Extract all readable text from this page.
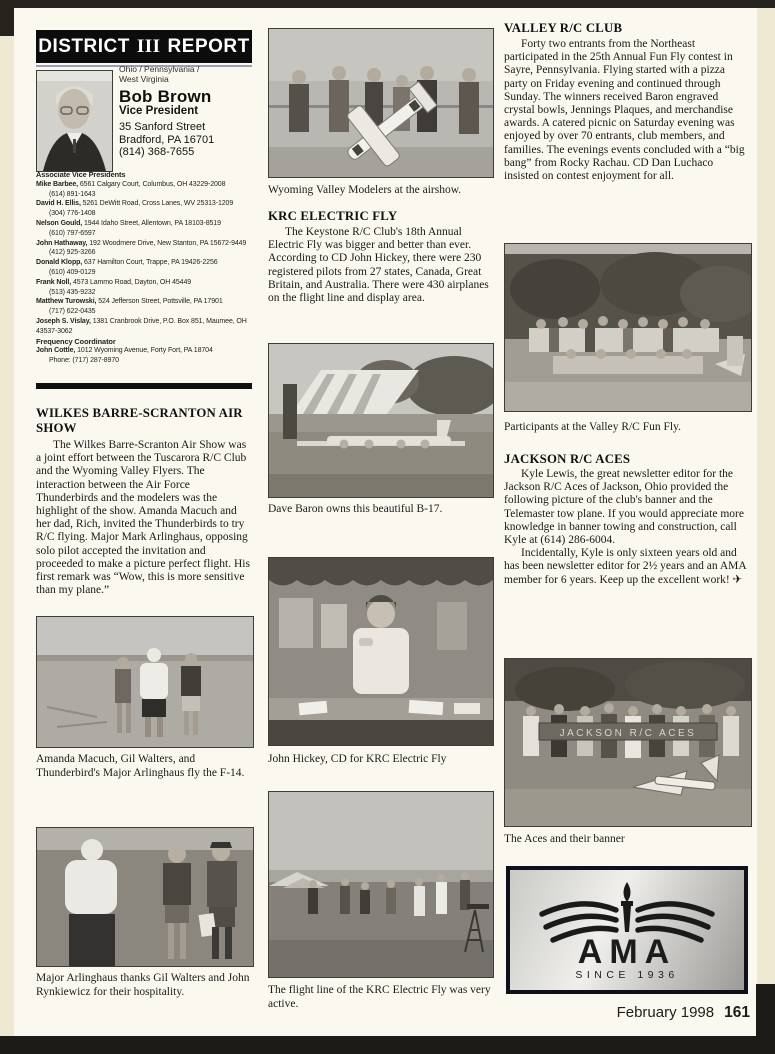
DISTRICT III REPORT
Ohio / Pennsylvania / West Virginia
Bob Brown
Vice President
35 Sanford Street
Bradford, PA 16701
(814) 368-7655
Associate Vice Presidents
Mike Barbee, 6561 Calgary Court, Columbus, OH 43229-2008
(614) 891-1643
David H. Ellis, 5261 DeWitt Road, Cross Lanes, WV 25313-1209
(304) 776-1408
Nelson Gould, 1944 Idaho Street, Allentown, PA 18103-8519
(610) 797-6597
John Hathaway, 192 Woodmere Drive, New Stanton, PA 15672-9449
(412) 925-3266
Donald Klopp, 637 Hamilton Court, Trappe, PA 19426-2256
(610) 409-0129
Frank Noll, 4573 Lammo Road, Dayton, OH 45449
(513) 435-9232
Matthew Turowski, 524 Jefferson Street, Pottsville, PA 17901
(717) 622-0435
Joseph S. Vislay, 1381 Cranbrook Drive, P.O. Box 851, Maumee, OH 43537-3062
Frequency Coordinator
John Cottle, 1012 Wyoming Avenue, Forty Fort, PA 18704
Phone: (717) 287-8970
WILKES BARRE-SCRANTON AIR SHOW

The Wilkes Barre-Scranton Air Show was a joint effort between the Tuscarora R/C Club and the Wyoming Valley Flyers. The interaction between the Air Force Thunderbirds and the modelers was the highlight of the show. Amanda Macuch and her dad, Rich, invited the Thunderbirds to try R/C flying. Major Mark Arlinghaus, opposing solo pilot accepted the invitation and proceeded to make a picture perfect flight. His first remark was “Wow, this is more sensitive than my plane.”

Amanda Macuch, Gil Walters, and Thunderbird's Major Arlinghaus fly the F-14.
Major Arlinghaus thanks Gil Walters and John Rynkiewicz for their hospitality.
Wyoming Valley Modelers at the airshow.
KRC ELECTRIC FLY

The Keystone R/C Club's 18th Annual Electric Fly was bigger and better than ever. According to CD John Hickey, there were 230 registered pilots from 27 states, Canada, Great Britain, and Australia. There were 430 airplanes on the flight line and display area.

Dave Baron owns this beautiful B-17.
John Hickey, CD for KRC Electric Fly
The flight line of the KRC Electric Fly was very active.
VALLEY R/C CLUB

Forty two entrants from the Northeast participated in the 25th Annual Fun Fly contest in Sayre, Pennsylvania. Flying started with a pizza party on Friday evening and continued through Sunday. The winners received Baron engraved crystal bowls, Jennings Plaques, and merchandise awards. A catered picnic on Saturday evening was enjoyed by over 70 entrants, club members, and families. The evenings events concluded with a “big bang” from Rocky Rachau. CD Dan Luchaco insisted on contest enjoyment for all.

Participants at the Valley R/C Fun Fly.
JACKSON R/C ACES

Kyle Lewis, the great newsletter editor for the Jackson R/C Aces of Jackson, Ohio provided the following picture of the club's banner and the Telemaster tow plane. If you would appreciate more knowledge in banner towing and construction, call Kyle at (614) 286-6004.

Incidentally, Kyle is only sixteen years old and has been newsletter editor for 2½ years and an AMA member for 6 years. Keep up the excellent work! ✈

JACKSON R/C ACES
The Aces and their banner
AMA
SINCE 1936
February 1998 161
